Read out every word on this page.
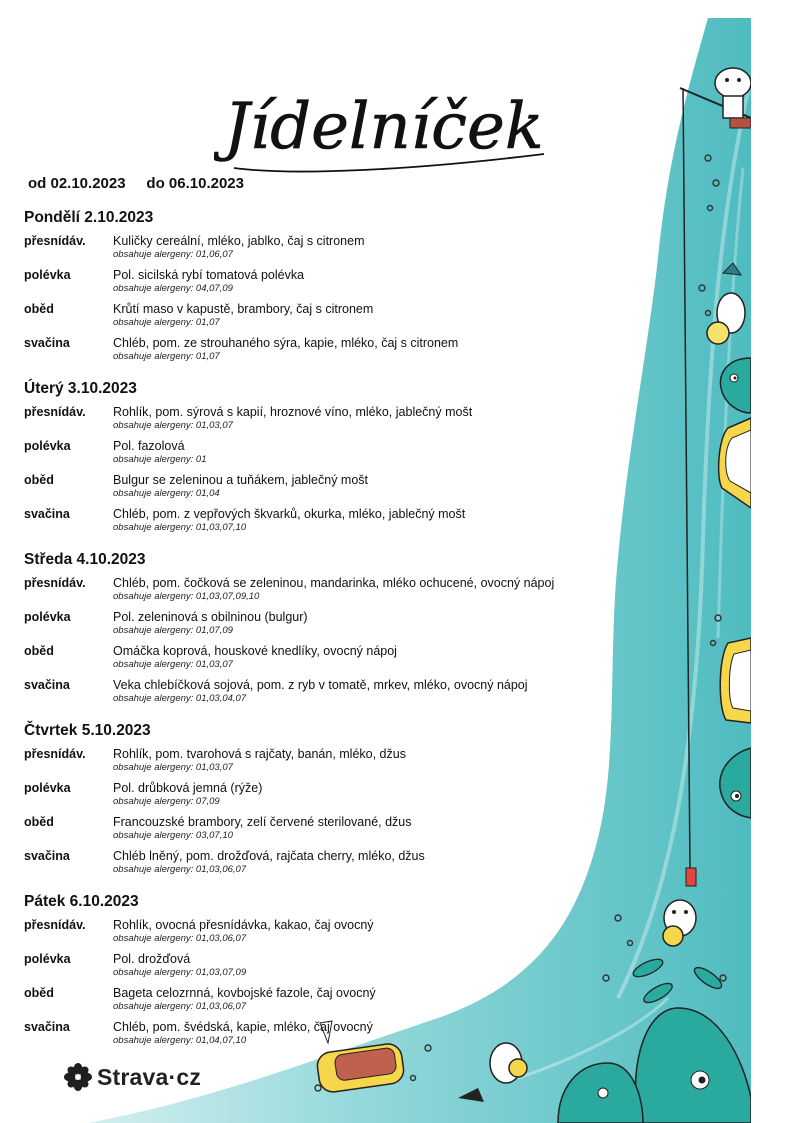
Jídelníček
od 02.10.2023 do 06.10.2023
Pondělí 2.10.2023
přesnídáv. Kuličky cereální, mléko, jablko, čaj s citronem
obsahuje alergeny: 01,06,07
polévka	Pol. sicilská rybí tomatová polévka
obsahuje alergeny: 04,07,09
oběd	Krůtí maso v kapustě, brambory, čaj s citronem
obsahuje alergeny: 01,07
svačina	Chléb, pom. ze strouhaného sýra, kapie, mléko, čaj s citronem
obsahuje alergeny: 01,07
Úterý 3.10.2023
přesnídáv. Rohlík, pom. sýrová s kapií, hroznové víno, mléko, jablečný mošt
obsahuje alergeny: 01,03,07
polévka	Pol. fazolová
obsahuje alergeny: 01
oběd	Bulgur se zeleninou a tuňákem, jablečný mošt
obsahuje alergeny: 01,04
svačina	Chléb, pom. z vepřových škvarků, okurka, mléko, jablečný mošt
obsahuje alergeny: 01,03,07,10
Středa 4.10.2023
přesnídáv. Chléb, pom. čočková se zeleninou, mandarinka, mléko ochucené, ovocný nápoj
obsahuje alergeny: 01,03,07,09,10
polévka	Pol. zeleninová s obilninou (bulgur)
obsahuje alergeny: 01,07,09
oběd	Omáčka koprová, houskové knedlíky, ovocný nápoj
obsahuje alergeny: 01,03,07
svačina	Veka chlebíčková sojová, pom. z ryb v tomatě, mrkev, mléko, ovocný nápoj
obsahuje alergeny: 01,03,04,07
Čtvrtek 5.10.2023
přesnídáv. Rohlík, pom. tvarohová s rajčaty, banán, mléko, džus
obsahuje alergeny: 01,03,07
polévka	Pol. drůbková jemná (rýže)
obsahuje alergeny: 07,09
oběd	Francouzské brambory, zelí červené sterilované, džus
obsahuje alergeny: 03,07,10
svačina	Chléb lněný, pom. drožďová, rajčata cherry, mléko, džus
obsahuje alergeny: 01,03,06,07
Pátek 6.10.2023
přesnídáv. Rohlík, ovocná přesnídávka, kakao, čaj ovocný
obsahuje alergeny: 01,03,06,07
polévka	Pol. drožďová
obsahuje alergeny: 01,03,07,09
oběd	Bageta celozrnná, kovbojské fazole, čaj ovocný
obsahuje alergeny: 01,03,06,07
svačina	Chléb, pom. švédská, kapie, mléko, čaj ovocný
obsahuje alergeny: 01,04,07,10
Strava·cz
